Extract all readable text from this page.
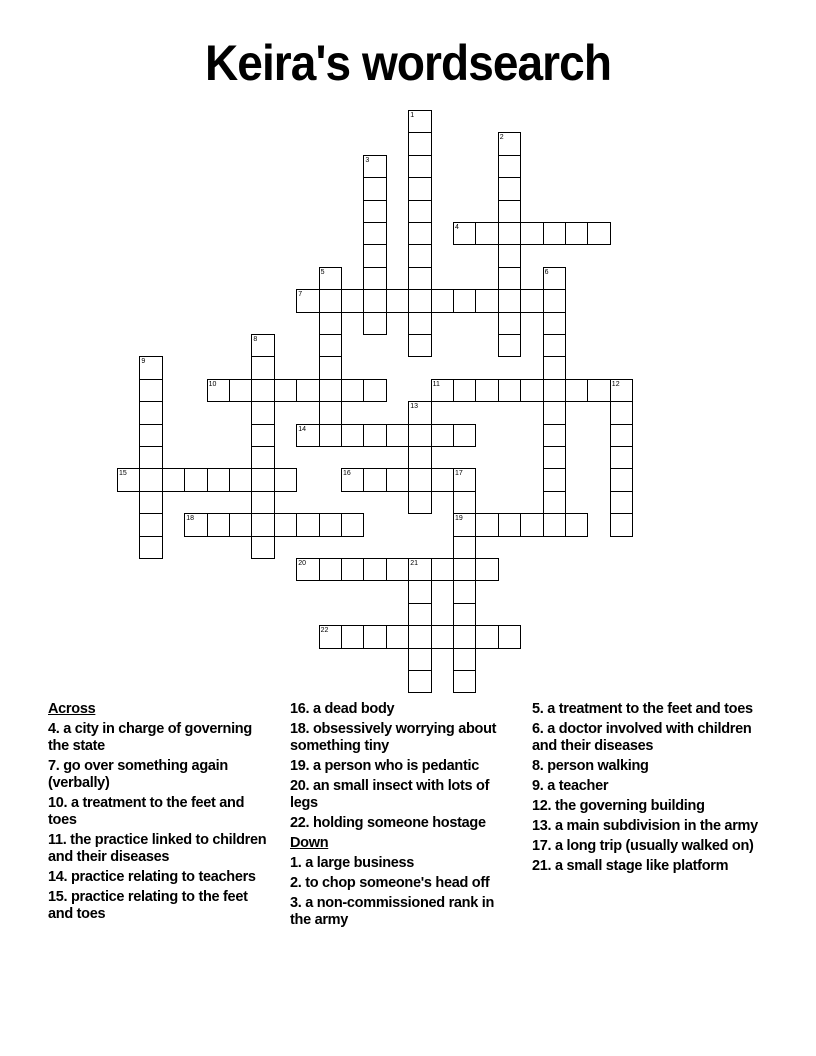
Keira's wordsearch
1
2
3
4
5	6
7
8
9
10	11	12
13
14
15	16	17
19
18
20	21
22
Across
4. a city in charge of governing the state
7. go over something again (verbally)
10. a treatment to the feet and toes
11. the practice linked to children and their diseases
14. practice relating to teachers
15. practice relating to the feet and toes
16. a dead body
18. obsessively worrying about something tiny
19. a person who is pedantic
20. an small insect with lots of legs
22. holding someone hostage
Down
1. a large business
2. to chop someone's head off
3. a non-commissioned rank in the army
5. a treatment to the feet and toes
6. a doctor involved with children and their diseases
8. person walking
9. a teacher
12. the governing building
13. a main subdivision in the army
17. a long trip (usually walked on)
21. a small stage like platform
